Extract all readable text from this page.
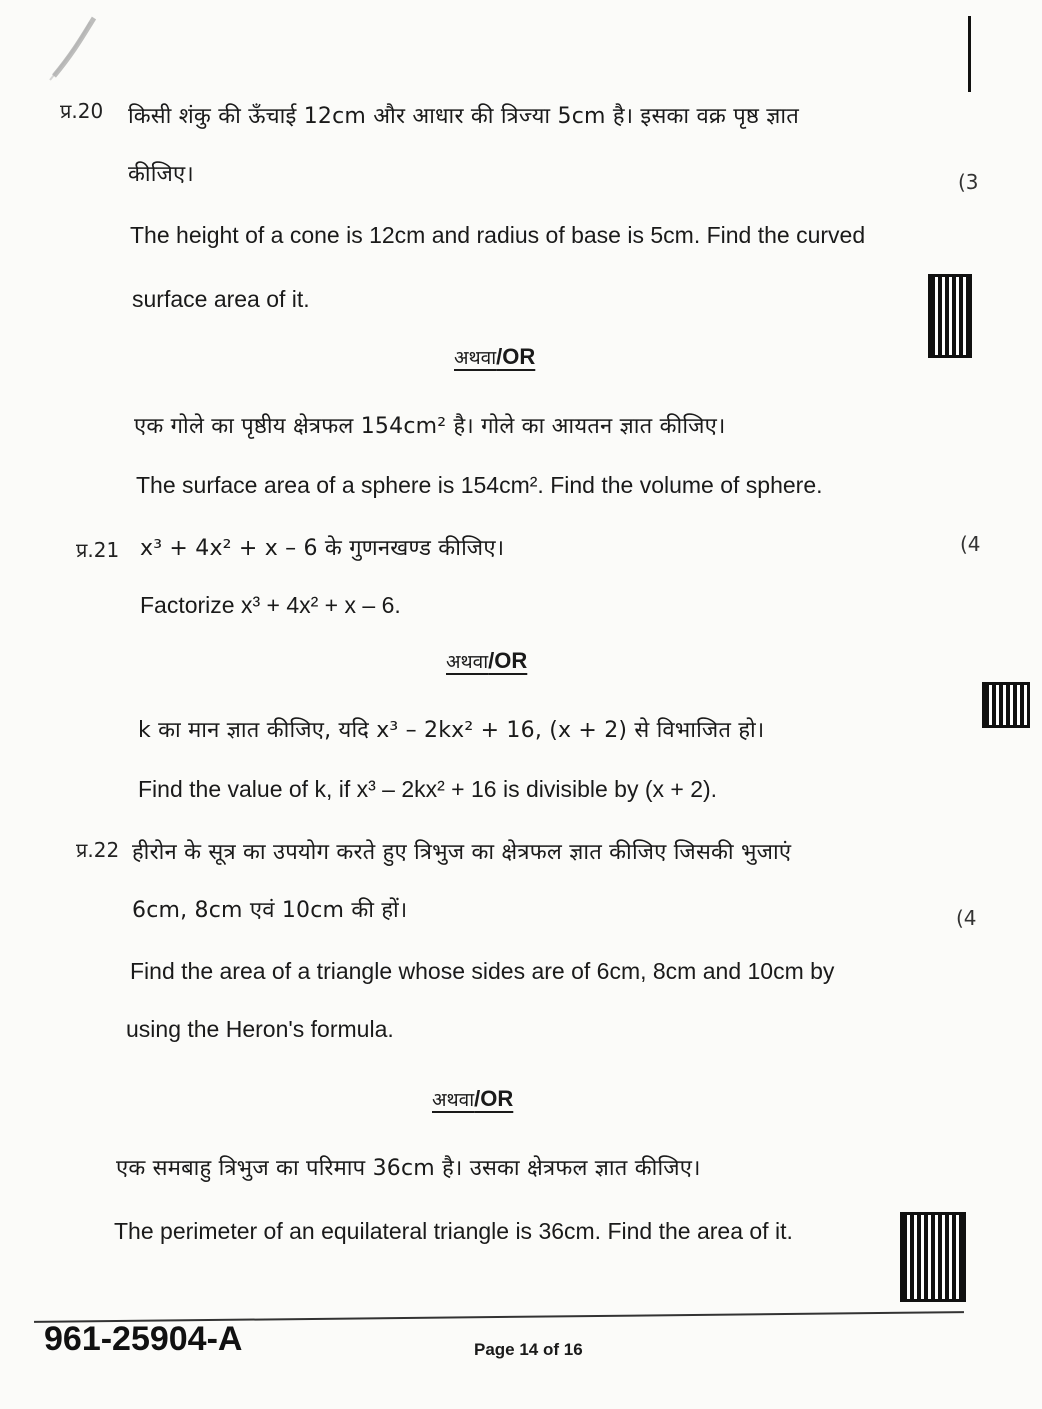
प्र.20 किसी शंकु की ऊँचाई 12cm और आधार की त्रिज्या 5cm है। इसका वक्र पृष्ठ ज्ञात
कीजिए।	(3
The height of a cone is 12cm and radius of base is 5cm. Find the curved
surface area of it.
अथवा/OR
एक गोले का पृष्ठीय क्षेत्रफल 154cm² है। गोले का आयतन ज्ञात कीजिए।
The surface area of a sphere is 154cm². Find the volume of sphere.
प्र.21 x³ + 4x² + x – 6 के गुणनखण्ड कीजिए।	(4
Factorize x³ + 4x² + x – 6.
अथवा/OR
k का मान ज्ञात कीजिए, यदि x³ – 2kx² + 16, (x + 2) से विभाजित हो।
Find the value of k, if x³ – 2kx² + 16 is divisible by (x + 2).
प्र.22 हीरोन के सूत्र का उपयोग करते हुए त्रिभुज का क्षेत्रफल ज्ञात कीजिए जिसकी भुजाएं
6cm, 8cm एवं 10cm की हों।	(4
Find the area of a triangle whose sides are of 6cm, 8cm and 10cm by
using the Heron's formula.
अथवा/OR
एक समबाहु त्रिभुज का परिमाप 36cm है। उसका क्षेत्रफल ज्ञात कीजिए।
The perimeter of an equilateral triangle is 36cm. Find the area of it.
961-25904-A	Page 14 of 16
